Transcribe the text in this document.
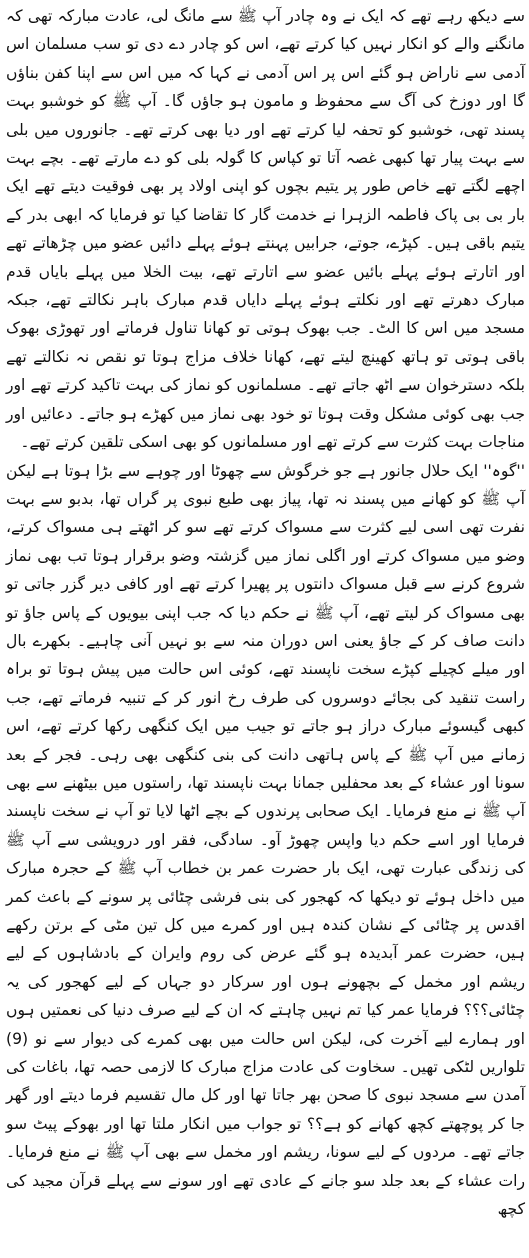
سے دیکھ رہے تھے کہ ایک نے وہ چادر آپ ﷺ سے مانگ لی، عادت مبارکہ تھی کہ مانگنے والے کو انکار نہیں کیا کرتے تھے، اس کو چادر دے دی تو سب مسلمان اس آدمی سے ناراض ہو گئے اس پر اس آدمی نے کہا کہ میں اس سے اپنا کفن بناؤں گا اور دوزخ کی آگ سے محفوظ و مامون ہو جاؤں گا۔ آپ ﷺ کو خوشبو بہت پسند تھی، خوشبو کو تحفہ لیا کرتے تھے اور دیا بھی کرتے تھے۔ جانوروں میں بلی سے بہت پیار تھا کبھی غصہ آتا تو کپاس کا گولہ بلی کو دے مارتے تھے۔ بچے بہت اچھے لگتے تھے خاص طور پر یتیم بچوں کو اپنی اولاد پر بھی فوقیت دیتے تھے ایک بار بی بی پاک فاطمہ الزہرا نے خدمت گار کا تقاضا کیا تو فرمایا کہ ابھی بدر کے یتیم باقی ہیں۔ کپڑے، جوتے، جرابیں پہنتے ہوئے پہلے دائیں عضو میں چڑھاتے تھے اور اتارتے ہوئے پہلے بائیں عضو سے اتارتے تھے، بیت الخلا میں پہلے بایاں قدم مبارک دھرتے تھے اور نکلتے ہوئے پہلے دایاں قدم مبارک باہر نکالتے تھے، جبکہ مسجد میں اس کا الٹ۔ جب بھوک ہوتی تو کھانا تناول فرماتے اور تھوڑی بھوک باقی ہوتی تو ہاتھ کھینچ لیتے تھے، کھانا خلاف مزاج ہوتا تو نقص نہ نکالتے تھے بلکہ دسترخوان سے اٹھ جاتے تھے۔ مسلمانوں کو نماز کی بہت تاکید کرتے تھے اور جب بھی کوئی مشکل وقت ہوتا تو خود بھی نماز میں کھڑے ہو جاتے۔ دعائیں اور مناجات بہت کثرت سے کرتے تھے اور مسلمانوں کو بھی اسکی تلقین کرتے تھے۔

''گوہ'' ایک حلال جانور ہے جو خرگوش سے چھوٹا اور چوہے سے بڑا ہوتا ہے لیکن آپ ﷺ کو کھانے میں پسند نہ تھا، پیاز بھی طبع نبوی پر گراں تھا، بدبو سے بہت نفرت تھی اسی لیے کثرت سے مسواک کرتے تھے سو کر اٹھتے ہی مسواک کرتے، وضو میں مسواک کرتے اور اگلی نماز میں گزشتہ وضو برقرار ہوتا تب بھی نماز شروع کرنے سے قبل مسواک دانتوں پر پھیرا کرتے تھے اور کافی دیر گزر جاتی تو بھی مسواک کر لیتے تھے، آپ ﷺ نے حکم دیا کہ جب اپنی بیویوں کے پاس جاؤ تو دانت صاف کر کے جاؤ یعنی اس دوران منہ سے بو نہیں آنی چاہیے۔ بکھرے بال اور میلے کچیلے کپڑے سخت ناپسند تھے، کوئی اس حالت میں پیش ہوتا تو براہ راست تنقید کی بجائے دوسروں کی طرف رخ انور کر کے تنبیہ فرماتے تھے، جب کبھی گیسوئے مبارک دراز ہو جاتے تو جیب میں ایک کنگھی رکھا کرتے تھے، اس زمانے میں آپ ﷺ کے پاس ہاتھی دانت کی بنی کنگھی بھی رہی۔ فجر کے بعد سونا اور عشاء کے بعد محفلیں جمانا بہت ناپسند تھا، راستوں میں بیٹھنے سے بھی آپ ﷺ نے منع فرمایا۔ ایک صحابی پرندوں کے بچے اٹھا لایا تو آپ نے سخت ناپسند فرمایا اور اسے حکم دیا واپس چھوڑ آو۔ سادگی، فقر اور درویشی سے آپ ﷺ کی زندگی عبارت تھی، ایک بار حضرت عمر بن خطاب آپ ﷺ کے حجرہ مبارک میں داخل ہوئے تو دیکھا کہ کھجور کی بنی فرشی چٹائی پر سونے کے باعث کمر اقدس پر چٹائی کے نشان کندہ ہیں اور کمرے میں کل تین مٹی کے برتن رکھے ہیں، حضرت عمر آبدیدہ ہو گئے عرض کی روم وایران کے بادشاہوں کے لیے ریشم اور مخمل کے بچھونے ہوں اور سرکار دو جہاں کے لیے کھجور کی یہ چٹائی؟؟؟ فرمایا عمر کیا تم نہیں چاہتے کہ ان کے لیے صرف دنیا کی نعمتیں ہوں اور ہمارے لیے آخرت کی، لیکن اس حالت میں بھی کمرے کی دیوار سے نو (9) تلواریں لٹکی تھیں۔ سخاوت کی عادت مزاج مبارک کا لازمی حصہ تھا، باغات کی آمدن سے مسجد نبوی کا صحن بھر جاتا تھا اور کل مال تقسیم فرما دیتے اور گھر جا کر پوچھتے کچھ کھانے کو ہے؟؟ تو جواب میں انکار ملتا تھا اور بھوکے پیٹ سو جاتے تھے۔ مردوں کے لیے سونا، ریشم اور مخمل سے بھی آپ ﷺ نے منع فرمایا۔ رات عشاء کے بعد جلد سو جانے کے عادی تھے اور سونے سے پہلے قرآن مجید کی کچھ
